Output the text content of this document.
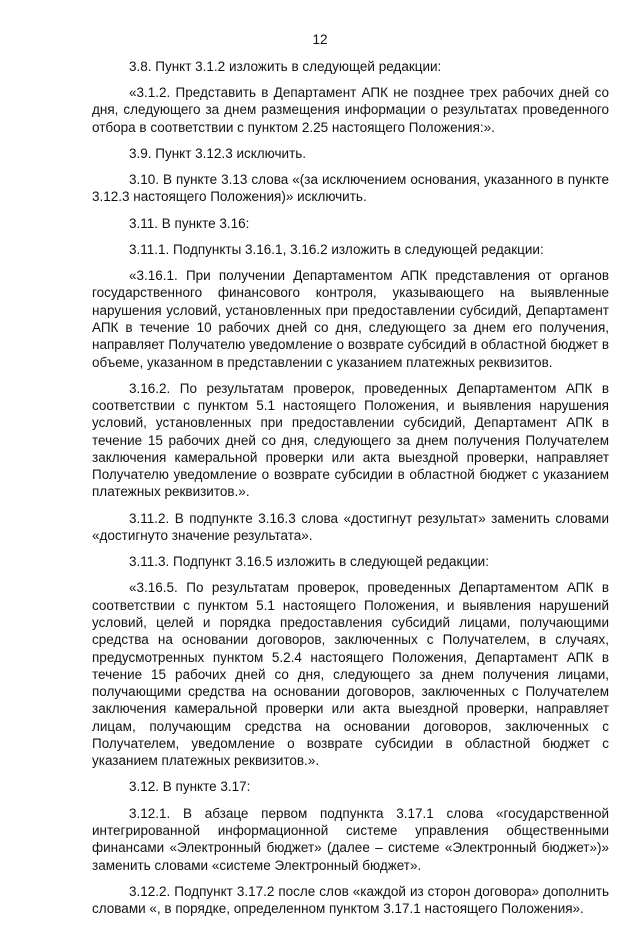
12

3.8. Пункт 3.1.2 изложить в следующей редакции:

«3.1.2. Представить в Департамент АПК не позднее трех рабочих дней со дня, следующего за днем размещения информации о результатах проведенного отбора в соответствии с пунктом 2.25 настоящего Положения:».

3.9. Пункт 3.12.3 исключить.

3.10. В пункте 3.13 слова «(за исключением основания, указанного в пункте 3.12.3 настоящего Положения)» исключить.

3.11. В пункте 3.16:

3.11.1. Подпункты 3.16.1, 3.16.2 изложить в следующей редакции:

«3.16.1. При получении Департаментом АПК представления от органов государственного финансового контроля, указывающего на выявленные нарушения условий, установленных при предоставлении субсидий, Департамент АПК в течение 10 рабочих дней со дня, следующего за днем его получения, направляет Получателю уведомление о возврате субсидий в областной бюджет в объеме, указанном в представлении с указанием платежных реквизитов.

3.16.2. По результатам проверок, проведенных Департаментом АПК в соответствии с пунктом 5.1 настоящего Положения, и выявления нарушения условий, установленных при предоставлении субсидий, Департамент АПК в течение 15 рабочих дней со дня, следующего за днем получения Получателем заключения камеральной проверки или акта выездной проверки, направляет Получателю уведомление о возврате субсидии в областной бюджет с указанием платежных реквизитов.».

3.11.2. В подпункте 3.16.3 слова «достигнут результат» заменить словами «достигнуто значение результата».

3.11.3. Подпункт 3.16.5 изложить в следующей редакции:

«3.16.5. По результатам проверок, проведенных Департаментом АПК в соответствии с пунктом 5.1 настоящего Положения, и выявления нарушений условий, целей и порядка предоставления субсидий лицами, получающими средства на основании договоров, заключенных с Получателем, в случаях, предусмотренных пунктом 5.2.4 настоящего Положения, Департамент АПК в течение 15 рабочих дней со дня, следующего за днем получения лицами, получающими средства на основании договоров, заключенных с Получателем заключения камеральной проверки или акта выездной проверки, направляет лицам, получающим средства на основании договоров, заключенных с Получателем, уведомление о возврате субсидии в областной бюджет с указанием платежных реквизитов.».

3.12. В пункте 3.17:

3.12.1. В абзаце первом подпункта 3.17.1 слова «государственной интегрированной информационной системе управления общественными финансами «Электронный бюджет» (далее – системе «Электронный бюджет»)» заменить словами «системе Электронный бюджет».

3.12.2. Подпункт 3.17.2 после слов «каждой из сторон договора» дополнить словами «, в порядке, определенном пунктом 3.17.1 настоящего Положения».
